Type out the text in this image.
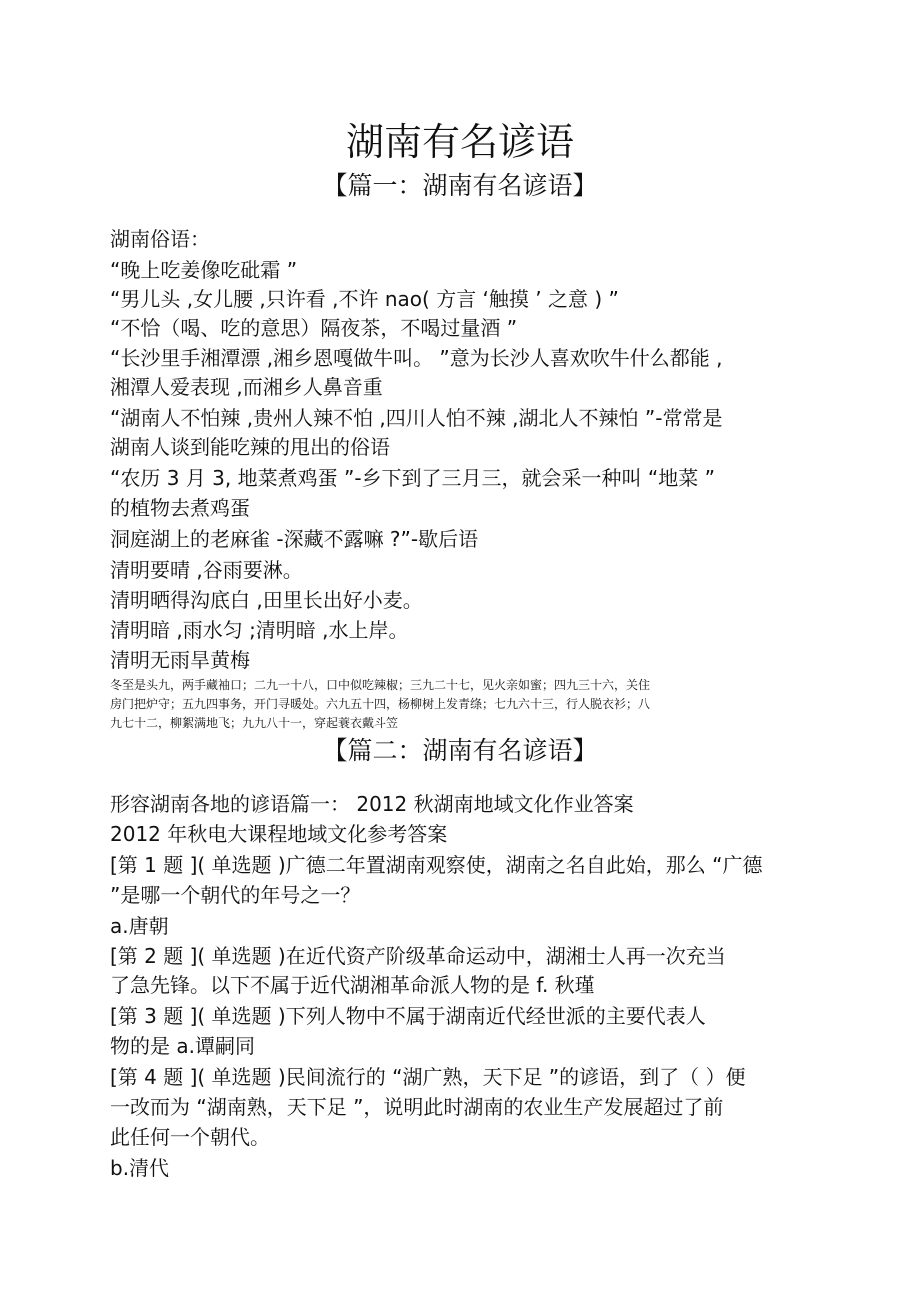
湖南有名谚语
【篇一：湖南有名谚语】
湖南俗语：
“晚上吃姜像吃砒霜 ”
“男儿头 ,女儿腰 ,只许看 ,不许 nao( 方言 ‘触摸 ’ 之意 ) ”
“不恰（喝、吃的意思）隔夜茶，不喝过量酒 ”
“长沙里手湘潭漂 ,湘乡恩嘎做牛叫。 ”意为长沙人喜欢吹牛什么都能 ,
湘潭人爱表现 ,而湘乡人鼻音重
“湖南人不怕辣 ,贵州人辣不怕 ,四川人怕不辣 ,湖北人不辣怕 ”-常常是
湖南人谈到能吃辣的甩出的俗语
“农历 3 月 3, 地菜煮鸡蛋 ”-乡下到了三月三，就会采一种叫 “地菜 ”
的植物去煮鸡蛋
洞庭湖上的老麻雀 -深藏不露嘛 ?”-歇后语
清明要晴 ,谷雨要淋。
清明晒得沟底白 ,田里长出好小麦。
清明暗 ,雨水匀 ;清明暗 ,水上岸。
清明无雨旱黄梅
冬至是头九，两手藏袖口；二九一十八，口中似吃辣椒；三九二十七，见火亲如蜜；四九三十六，关住
房门把炉守；五九四事务，开门寻暖处。六九五十四，杨柳树上发青绦；七九六十三，行人脱衣衫；八
九七十二，柳絮满地飞；九九八十一，穿起蓑衣戴斗笠
【篇二：湖南有名谚语】
形容湖南各地的谚语篇一： 2012 秋湖南地域文化作业答案
2012 年秋电大课程地域文化参考答案
[第 1 题 ]( 单选题 )广德二年置湖南观察使，湖南之名自此始，那么 “广德
”是哪一个朝代的年号之一？
a.唐朝
[第 2 题 ]( 单选题 )在近代资产阶级革命运动中，湖湘士人再一次充当
了急先锋。以下不属于近代湖湘革命派人物的是 f. 秋瑾
[第 3 题 ]( 单选题 )下列人物中不属于湖南近代经世派的主要代表人
物的是 a.谭嗣同
[第 4 题 ]( 单选题 )民间流行的 “湖广熟，天下足 ”的谚语，到了（ ）便
一改而为 “湖南熟，天下足 ”，说明此时湖南的农业生产发展超过了前
此任何一个朝代。
b.清代
